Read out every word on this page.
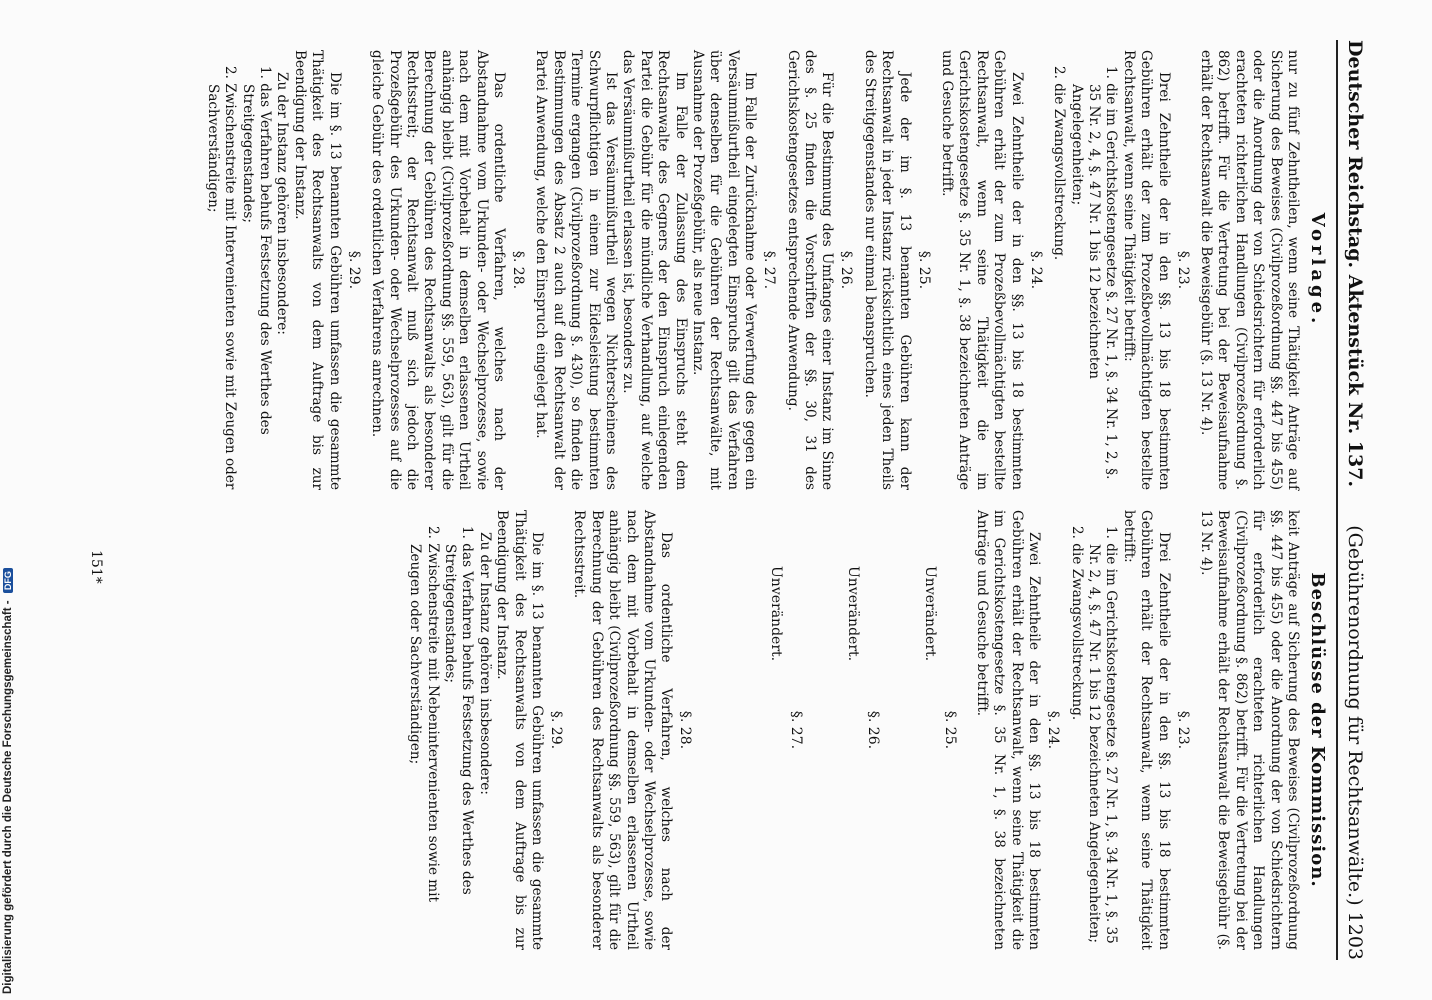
Deutscher Reichstag. Aktenstück Nr. 137.
(Gebührenordnung für Rechtsanwälte.) 1203
Vorlage.

nur zu fünf Zehntheilen, wenn seine Thätigkeit Anträge auf Sicherung des Beweises (Civilprozeßordnung §§. 447 bis 455) oder die Anordnung der von Schiedsrichtern für erforderlich erachteten richterlichen Handlungen (Civilprozeßordnung §. 862) betrifft. Für die Vertretung bei der Beweisaufnahme erhält der Rechtsanwalt die Beweisgebühr (§. 13 Nr. 4).

§. 23.

Drei Zehntheile der in den §§. 13 bis 18 bestimmten Gebühren erhält der zum Prozeßbevollmächtigten bestellte Rechtsanwalt, wenn seine Thätigkeit betrifft:

1. die im Gerichtskostengesetze §. 27 Nr. 1, §. 34 Nr. 1, 2, §. 35 Nr. 2, 4, §. 47 Nr. 1 bis 12 bezeichneten Angelegenheiten;

2. die Zwangsvollstreckung.

§. 24.

Zwei Zehntheile der in den §§. 13 bis 18 bestimmten Gebühren erhält der zum Prozeßbevollmächtigten bestellte Rechtsanwalt, wenn seine Thätigkeit die im Gerichtskostengesetze §. 35 Nr. 1, §. 38 bezeichneten Anträge und Gesuche betrifft.

§. 25.

Jede der im §. 13 benannten Gebühren kann der Rechtsanwalt in jeder Instanz rücksichtlich eines jeden Theils des Streitgegenstandes nur einmal beanspruchen.

§. 26.

Für die Bestimmung des Umfanges einer Instanz im Sinne des §. 25 finden die Vorschriften der §§. 30, 31 des Gerichtskostengesetzes entsprechende Anwendung.

§. 27.

Im Falle der Zurücknahme oder Verwerfung des gegen ein Versäumnißurtheil eingelegten Einspruchs gilt das Verfahren über denselben für die Gebühren der Rechtsanwälte, mit Ausnahme der Prozeßgebühr, als neue Instanz.

Im Falle der Zulassung des Einspruchs steht dem Rechtsanwalte des Gegners der den Einspruch einlegenden Partei die Gebühr für die mündliche Verhandlung, auf welche das Versäumnißurtheil erlassen ist, besonders zu.

Ist das Versäumnißurtheil wegen Nichterscheinens des Schwurpflichtigen in einem zur Eidesleistung bestimmten Termine ergangen (Civilprozeßordnung §. 430), so finden die Bestimmungen des Absatz 2 auch auf den Rechtsanwalt der Partei Anwendung, welche den Einspruch eingelegt hat.

§. 28.

Das ordentliche Verfahren, welches nach der Abstandnahme vom Urkunden- oder Wechselprozesse, sowie nach dem mit Vorbehalt in demselben erlassenen Urtheil anhängig bleibt (Civilprozeßordnung §§. 559, 563), gilt für die Berechnung der Gebühren des Rechtsanwalts als besonderer Rechtsstreit; der Rechtsanwalt muß sich jedoch die Prozeßgebühr des Urkunden- oder Wechselprozesses auf die gleiche Gebühr des ordentlichen Verfahrens anrechnen.

§. 29.

Die im §. 13 benannten Gebühren umfassen die gesammte Thätigkeit des Rechtsanwalts von dem Auftrage bis zur Beendigung der Instanz.

Zu der Instanz gehören insbesondere:

1. das Verfahren behufs Festsetzung des Werthes des Streitgegenstandes;

2. Zwischenstreite mit Intervenienten sowie mit Zeugen oder Sachverständigen;

Beschlüsse der Kommission.

keit Anträge auf Sicherung des Beweises (Civilprozeßordnung §§. 447 bis 455) oder die Anordnung der von Schiedsrichtern für erforderlich erachteten richterlichen Handlungen (Civilprozeßordnung §. 862) betrifft. Für die Vertretung bei der Beweisaufnahme erhält der Rechtsanwalt die Beweisgebühr (§. 13 Nr. 4).

§. 23.

Drei Zehntheile der in den §§. 13 bis 18 bestimmten Gebühren erhält der Rechtsanwalt, wenn seine Thätigkeit betrifft:

1. die im Gerichtskostengesetze §. 27 Nr. 1, §. 34 Nr. 1, §. 35 Nr. 2, 4, §. 47 Nr. 1 bis 12 bezeichneten Angelegenheiten;

2. die Zwangsvollstreckung.

§. 24.

Zwei Zehntheile der in den §§. 13 bis 18 bestimmten Gebühren erhält der Rechtsanwalt, wenn seine Thätigkeit die im Gerichtskostengesetze §. 35 Nr. 1, §. 38 bezeichneten Anträge und Gesuche betrifft.

§. 25.

Unverändert.

§. 26.

Unverändert.

§. 27.

Unverändert.

§. 28.

Das ordentliche Verfahren, welches nach der Abstandnahme vom Urkunden- oder Wechselprozesse, sowie nach dem mit Vorbehalt in demselben erlassenen Urtheil anhängig bleibt (Civilprozeßordnung §§. 559, 563), gilt für die Berechnung der Gebühren des Rechtsanwalts als besonderer Rechtsstreit.

§. 29.

Die im §. 13 benannten Gebühren umfassen die gesammte Thätigkeit des Rechtsanwalts von dem Auftrage bis zur Beendigung der Instanz.

Zu der Instanz gehören insbesondere:

1. das Verfahren behufs Festsetzung des Werthes des Streitgegenstandes;

2. Zwischenstreite mit Nebenintervenienten sowie mit Zeugen oder Sachverständigen;

151*
Digitalisierung gefördert durch die Deutsche Forschungsgemeinschaft - DFG
